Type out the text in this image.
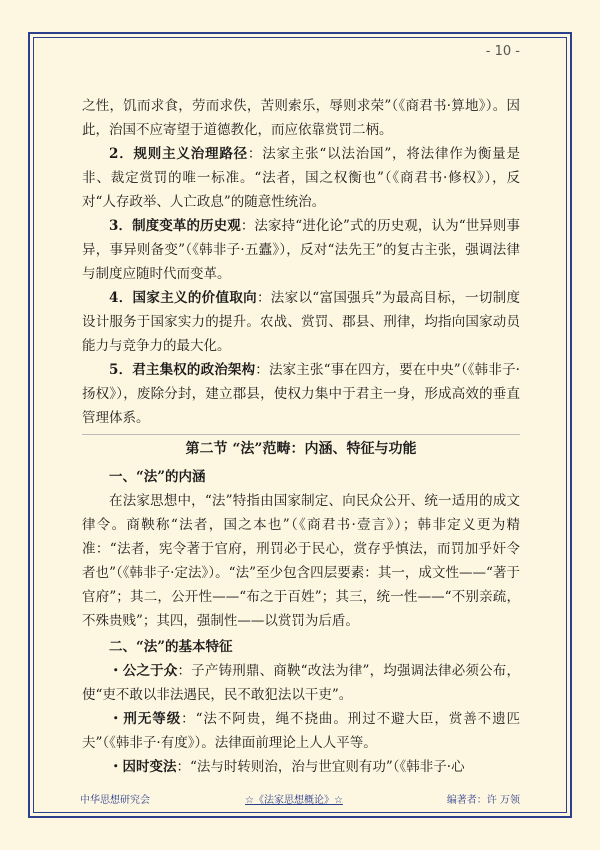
- 10 -

之性，饥而求食，劳而求佚，苦则索乐，辱则求荣”（《商君书·算地》）。因此，治国不应寄望于道德教化，而应依靠赏罚二柄。

2．规则主义治理路径：法家主张“以法治国”，将法律作为衡量是非、裁定赏罚的唯一标准。“法者，国之权衡也”（《商君书·修权》），反对“人存政举、人亡政息”的随意性统治。

3．制度变革的历史观：法家持“进化论”式的历史观，认为“世异则事异，事异则备变”（《韩非子·五蠹》），反对“法先王”的复古主张，强调法律与制度应随时代而变革。

4．国家主义的价值取向：法家以“富国强兵”为最高目标，一切制度设计服务于国家实力的提升。农战、赏罚、郡县、刑律，均指向国家动员能力与竞争力的最大化。

5．君主集权的政治架构：法家主张“事在四方，要在中央”（《韩非子·扬权》），废除分封，建立郡县，使权力集中于君主一身，形成高效的垂直管理体系。

第二节 “法”范畴：内涵、特征与功能

一、“法”的内涵

在法家思想中，“法”特指由国家制定、向民众公开、统一适用的成文律令。商鞅称“法者，国之本也”（《商君书·壹言》）；韩非定义更为精准：“法者，宪令著于官府，刑罚必于民心，赏存乎慎法，而罚加乎奸令者也”（《韩非子·定法》）。“法”至少包含四层要素：其一，成文性——“著于官府”；其二，公开性——“布之于百姓”；其三，统一性——“不别亲疏，不殊贵贱”；其四，强制性——以赏罚为后盾。

二、“法”的基本特征

・公之于众：子产铸刑鼎、商鞅“改法为律”，均强调法律必须公布，使“吏不敢以非法遇民，民不敢犯法以干吏”。

・刑无等级：“法不阿贵，绳不挠曲。刑过不避大臣，赏善不遗匹夫”（《韩非子·有度》）。法律面前理论上人人平等。

・因时变法：“法与时转则治，治与世宜则有功”（《韩非子·心

中华思想研究会	☆《法家思想概论》☆	编著者：许 万领
